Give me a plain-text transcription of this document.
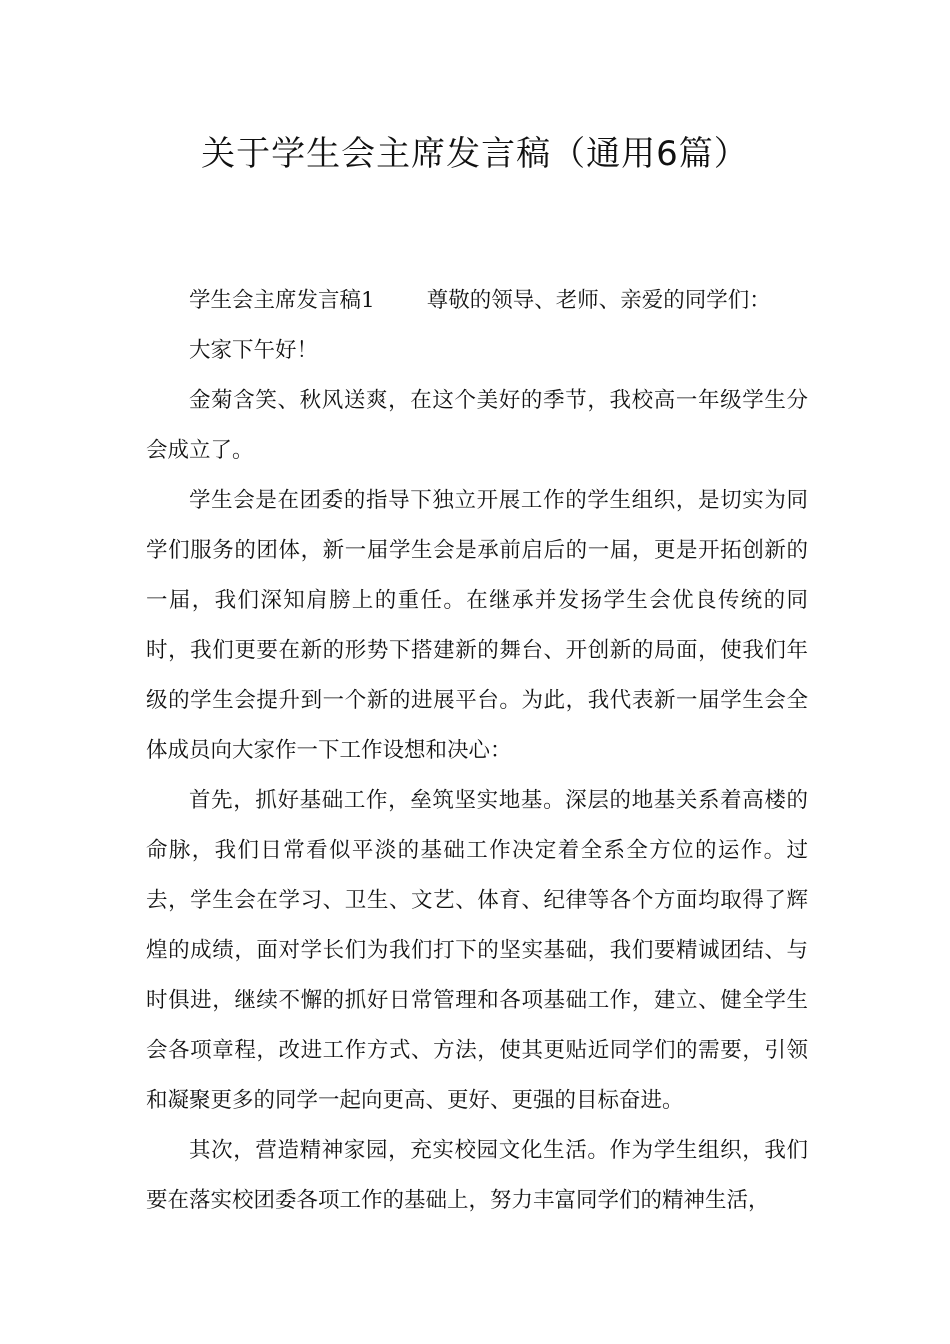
关于学生会主席发言稿（通用6篇）

学生会主席发言稿1 尊敬的领导、老师、亲爱的同学们：

大家下午好！

金菊含笑、秋风送爽，在这个美好的季节，我校高一年级学生分会成立了。

学生会是在团委的指导下独立开展工作的学生组织，是切实为同学们服务的团体，新一届学生会是承前启后的一届，更是开拓创新的一届，我们深知肩膀上的重任。在继承并发扬学生会优良传统的同时，我们更要在新的形势下搭建新的舞台、开创新的局面，使我们年级的学生会提升到一个新的进展平台。为此，我代表新一届学生会全体成员向大家作一下工作设想和决心：

首先，抓好基础工作，垒筑坚实地基。深层的地基关系着高楼的命脉，我们日常看似平淡的基础工作决定着全系全方位的运作。过去，学生会在学习、卫生、文艺、体育、纪律等各个方面均取得了辉煌的成绩，面对学长们为我们打下的坚实基础，我们要精诚团结、与时俱进，继续不懈的抓好日常管理和各项基础工作，建立、健全学生会各项章程，改进工作方式、方法，使其更贴近同学们的需要，引领和凝聚更多的同学一起向更高、更好、更强的目标奋进。

其次，营造精神家园，充实校园文化生活。作为学生组织，我们要在落实校团委各项工作的基础上，努力丰富同学们的精神生活，
